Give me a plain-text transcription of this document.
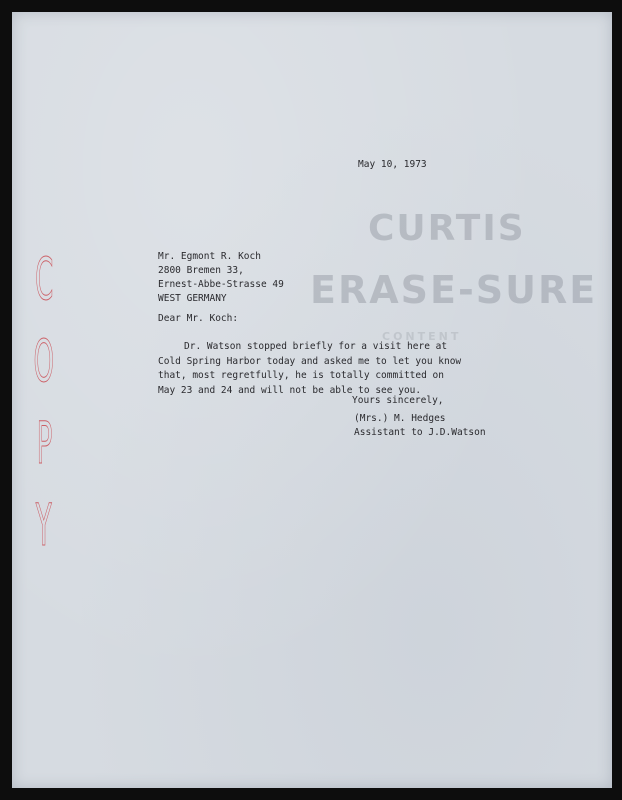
CURTIS
ERASE-SURE
CONTENT
C
O
P
Y
May 10, 1973
Mr. Egmont R. Koch
2800 Bremen 33,
Ernest-Abbe-Strasse 49
WEST GERMANY
Dear Mr. Koch:
Dr. Watson stopped briefly for a visit here at
Cold Spring Harbor today and asked me to let you know
that, most regretfully, he is totally committed on
May 23 and 24 and will not be able to see you.
Yours sincerely,
(Mrs.) M. Hedges
Assistant to J.D.Watson
